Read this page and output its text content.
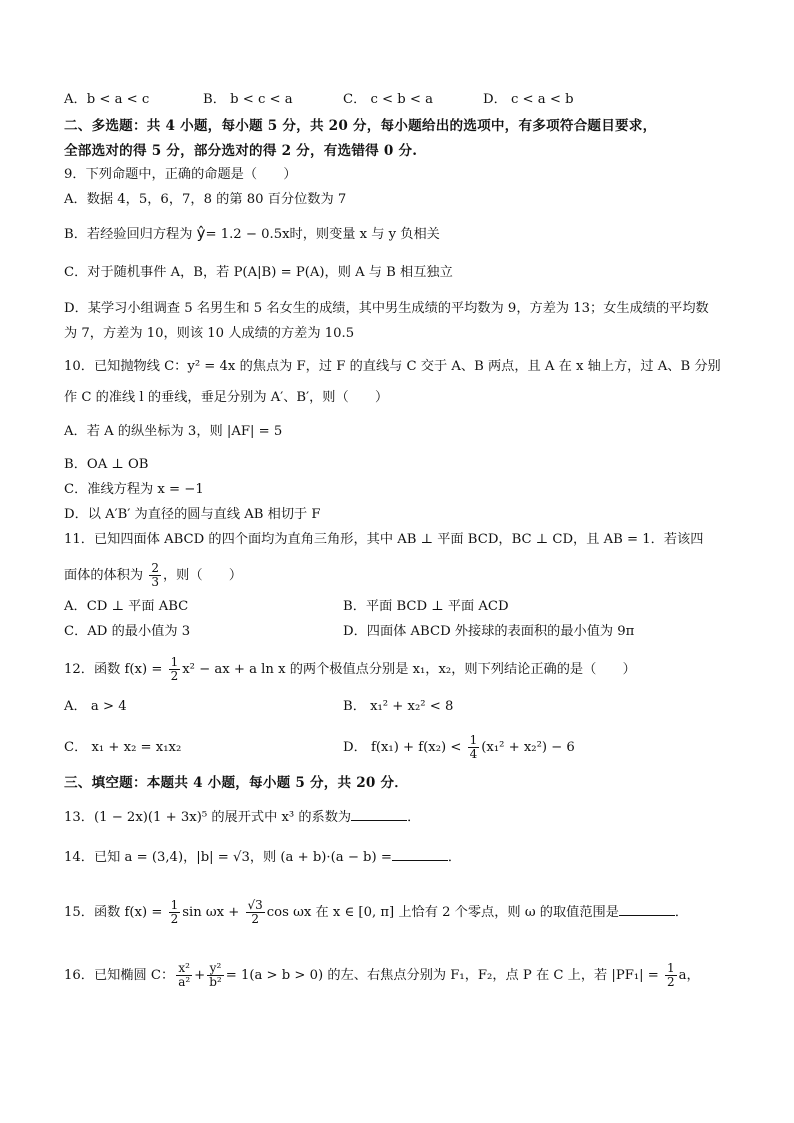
A．b < a < c	B． b < c < a	C． c < b < a	D． c < a < b
二、多选题：共 4 小题，每小题 5 分，共 20 分，每小题给出的选项中，有多项符合题目要求，
全部选对的得 5 分，部分选对的得 2 分，有选错得 0 分.
9．下列命题中，正确的命题是（　　）
A．数据 4，5，6，7，8 的第 80 百分位数为 7
B．若经验回归方程为 ŷ= 1.2 − 0.5x时，则变量 x 与 y 负相关
C．对于随机事件 A，B，若 P(A|B) = P(A)，则 A 与 B 相互独立
D．某学习小组调查 5 名男生和 5 名女生的成绩，其中男生成绩的平均数为 9，方差为 13；女生成绩的平均数
为 7，方差为 10，则该 10 人成绩的方差为 10.5
10．已知抛物线 C：y² = 4x 的焦点为 F，过 F 的直线与 C 交于 A、B 两点，且 A 在 x 轴上方，过 A、B 分别
作 C 的准线 l 的垂线，垂足分别为 A′、B′，则（　　）
A．若 A 的纵坐标为 3，则 |AF| = 5
B．OA ⊥ OB
C．准线方程为 x = −1
D．以 A′B′ 为直径的圆与直线 AB 相切于 F
11．已知四面体 ABCD 的四个面均为直角三角形，其中 AB ⊥ 平面 BCD，BC ⊥ CD，且 AB = 1．若该四
面体的体积为 $\frac{2}{3}$ ，则（　　）
A．CD ⊥ 平面 ABC	B．平面 BCD ⊥ 平面 ACD
C．AD 的最小值为 3	D．四面体 ABCD 外接球的表面积的最小值为 9π
12．函数 $f(x) = \frac{1}{2} x^2$ − ax + a ln x 的两个极值点分别是 x₁，x₂，则下列结论正确的是（　　）
A． a > 4	B． x₁² + x₂² < 8
C． x₁ + x₂ = x₁x₂	D． $f(x_1) + f(x_2) < \frac{1}{4} (x_1^2 + x_2^2) - 6$
三、填空题：本题共 4 小题，每小题 5 分，共 20 分．
13．(1 − 2x)(1 + 3x)⁵ 的展开式中 x³ 的系数为	．
14．已知 a = (3,4)，|b| = √3，则 (a + b)·(a − b) =	．
15．函数 $f(x) = \frac{1}{2}$ $\sin \omega x + \frac{√3}{2}$ cos ωx 在 x ∈ [0, π] 上恰有 2 个零点，则 ω 的取值范围是	．
16．已知椭圆 C： $\frac{\text{x²}}{\text{a²}} + \frac{\text{y²}}{\text{b²}} = 1(a > b > 0)$ 的左、右焦点分别为 F₁，F₂，点 P 在 C 上，若 $|PF_1| = \frac{1}{2}$ a，
